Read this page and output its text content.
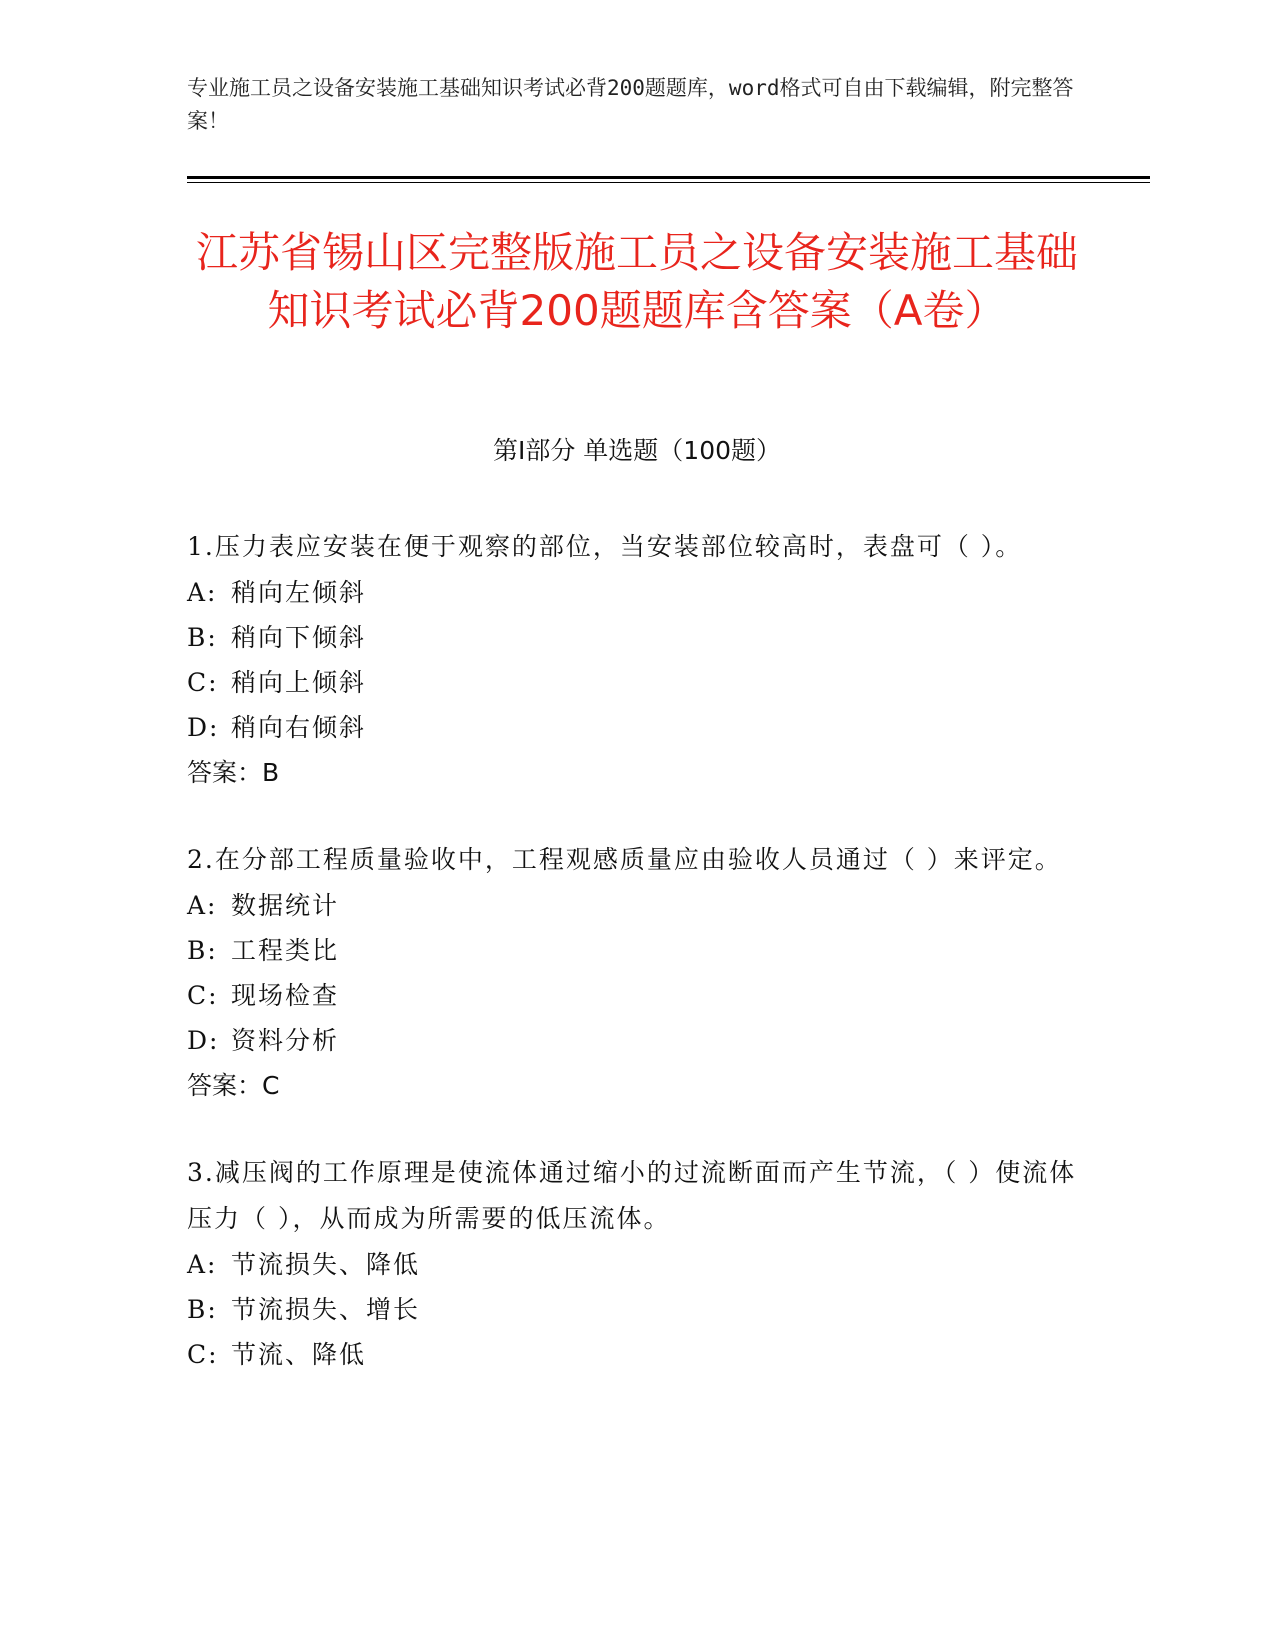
专业施工员之设备安装施工基础知识考试必背200题题库，word格式可自由下载编辑，附完整答案！
江苏省锡山区完整版施工员之设备安装施工基础知识考试必背200题题库含答案（A卷）
第I部分 单选题（100题）
1.压力表应安装在便于观察的部位，当安装部位较高时，表盘可（ ）。
A: 稍向左倾斜
B: 稍向下倾斜
C: 稍向上倾斜
D: 稍向右倾斜
答案：B
2.在分部工程质量验收中，工程观感质量应由验收人员通过（ ）来评定。
A: 数据统计
B: 工程类比
C: 现场检查
D: 资料分析
答案：C
3.减压阀的工作原理是使流体通过缩小的过流断面而产生节流，（ ）使流体压力（ ），从而成为所需要的低压流体。
A: 节流损失、降低
B: 节流损失、增长
C: 节流、降低
